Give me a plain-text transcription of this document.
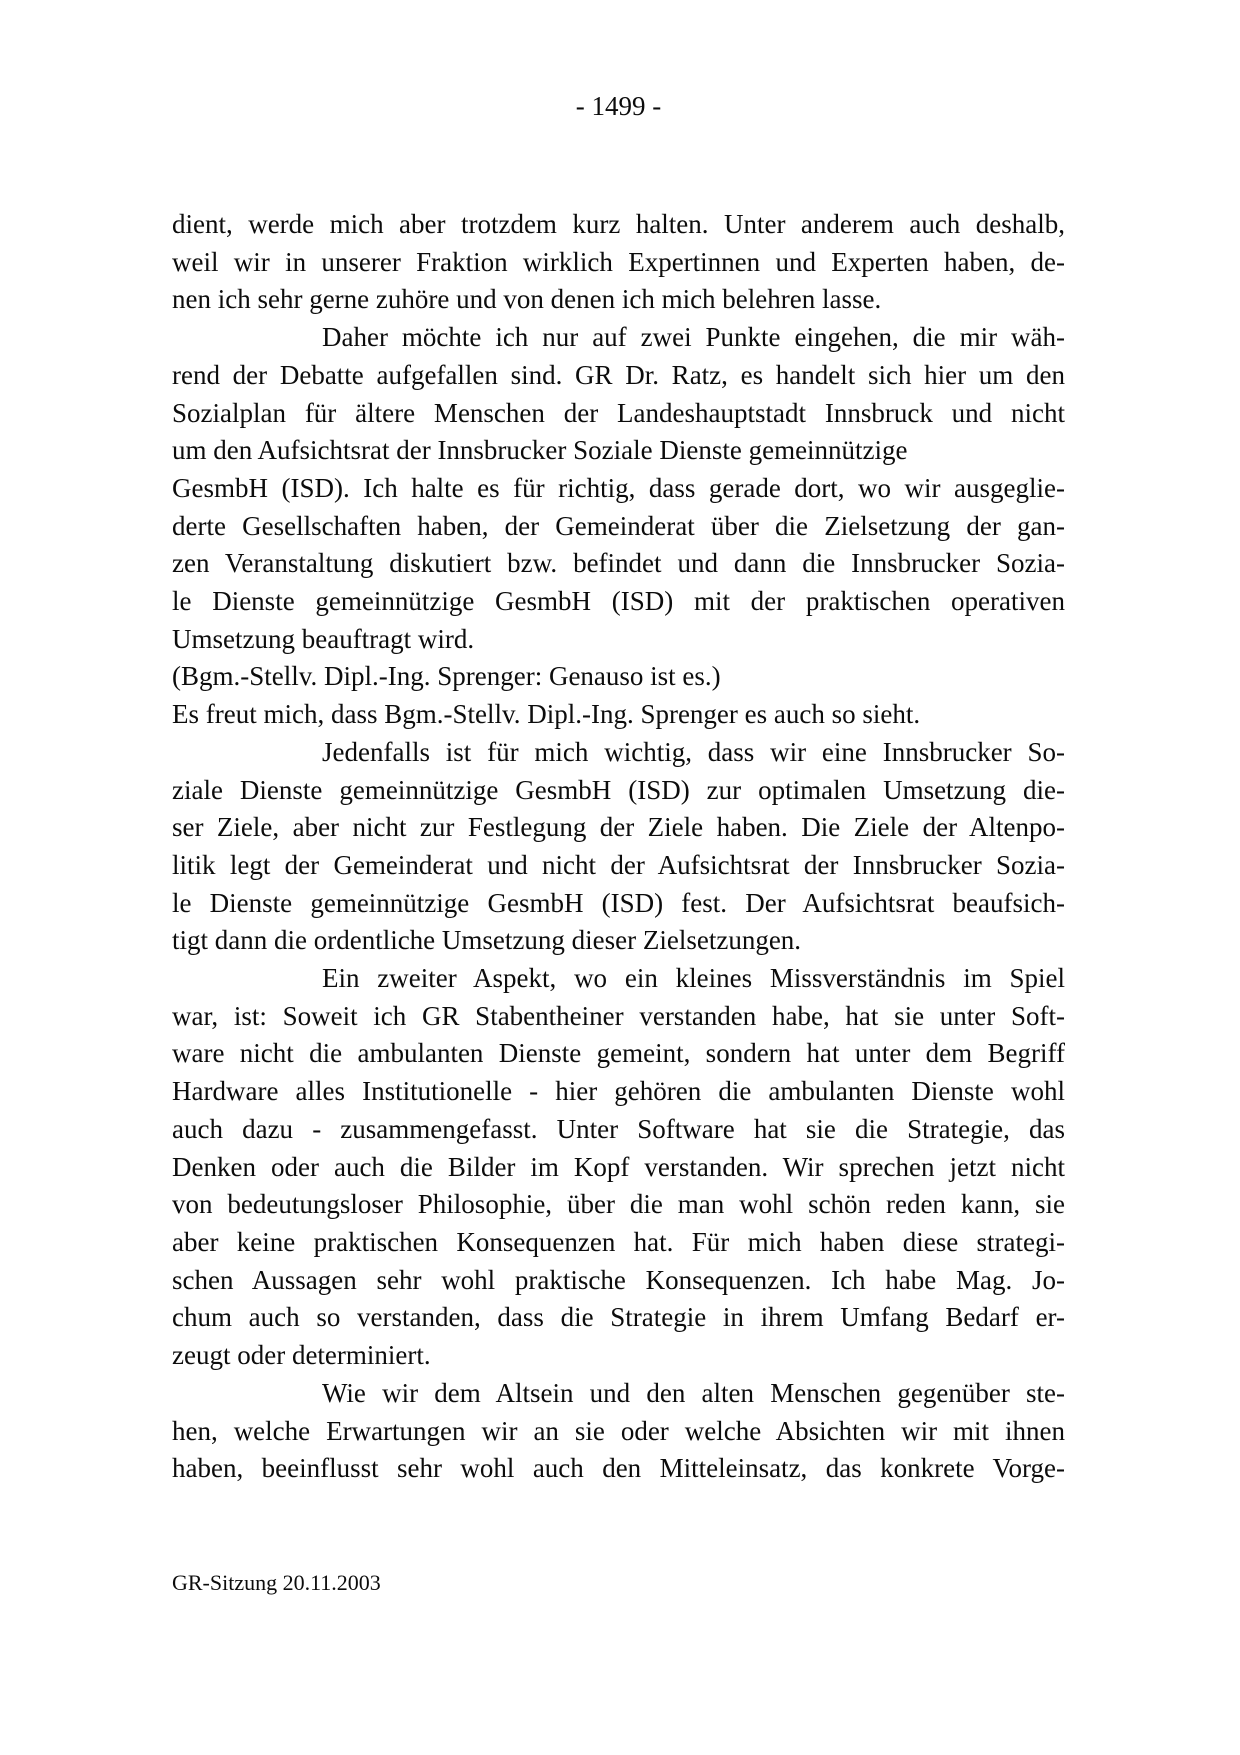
- 1499 -
dient, werde mich aber trotzdem kurz halten. Unter anderem auch deshalb,
weil wir in unserer Fraktion wirklich Expertinnen und Experten haben, de-
nen ich sehr gerne zuhöre und von denen ich mich belehren lasse.
Daher möchte ich nur auf zwei Punkte eingehen, die mir wäh-
rend der Debatte aufgefallen sind. GR Dr. Ratz, es handelt sich hier um den
Sozialplan für ältere Menschen der Landeshauptstadt Innsbruck und nicht
um den Aufsichtsrat der Innsbrucker Soziale Dienste gemeinnützige
GesmbH (ISD). Ich halte es für richtig, dass gerade dort, wo wir ausgeglie-
derte Gesellschaften haben, der Gemeinderat über die Zielsetzung der gan-
zen Veranstaltung diskutiert bzw. befindet und dann die Innsbrucker Sozia-
le Dienste gemeinnützige GesmbH (ISD) mit der praktischen operativen
Umsetzung beauftragt wird.
(Bgm.-Stellv. Dipl.-Ing. Sprenger: Genauso ist es.)
Es freut mich, dass Bgm.-Stellv. Dipl.-Ing. Sprenger es auch so sieht.
Jedenfalls ist für mich wichtig, dass wir eine Innsbrucker So-
ziale Dienste gemeinnützige GesmbH (ISD) zur optimalen Umsetzung die-
ser Ziele, aber nicht zur Festlegung der Ziele haben. Die Ziele der Altenpo-
litik legt der Gemeinderat und nicht der Aufsichtsrat der Innsbrucker Sozia-
le Dienste gemeinnützige GesmbH (ISD) fest. Der Aufsichtsrat beaufsich-
tigt dann die ordentliche Umsetzung dieser Zielsetzungen.
Ein zweiter Aspekt, wo ein kleines Missverständnis im Spiel
war, ist: Soweit ich GR Stabentheiner verstanden habe, hat sie unter Soft-
ware nicht die ambulanten Dienste gemeint, sondern hat unter dem Begriff
Hardware alles Institutionelle - hier gehören die ambulanten Dienste wohl
auch dazu - zusammengefasst. Unter Software hat sie die Strategie, das
Denken oder auch die Bilder im Kopf verstanden. Wir sprechen jetzt nicht
von bedeutungsloser Philosophie, über die man wohl schön reden kann, sie
aber keine praktischen Konsequenzen hat. Für mich haben diese strategi-
schen Aussagen sehr wohl praktische Konsequenzen. Ich habe Mag. Jo-
chum auch so verstanden, dass die Strategie in ihrem Umfang Bedarf er-
zeugt oder determiniert.
Wie wir dem Altsein und den alten Menschen gegenüber ste-
hen, welche Erwartungen wir an sie oder welche Absichten wir mit ihnen
haben, beeinflusst sehr wohl auch den Mitteleinsatz, das konkrete Vorge-
GR-Sitzung 20.11.2003
